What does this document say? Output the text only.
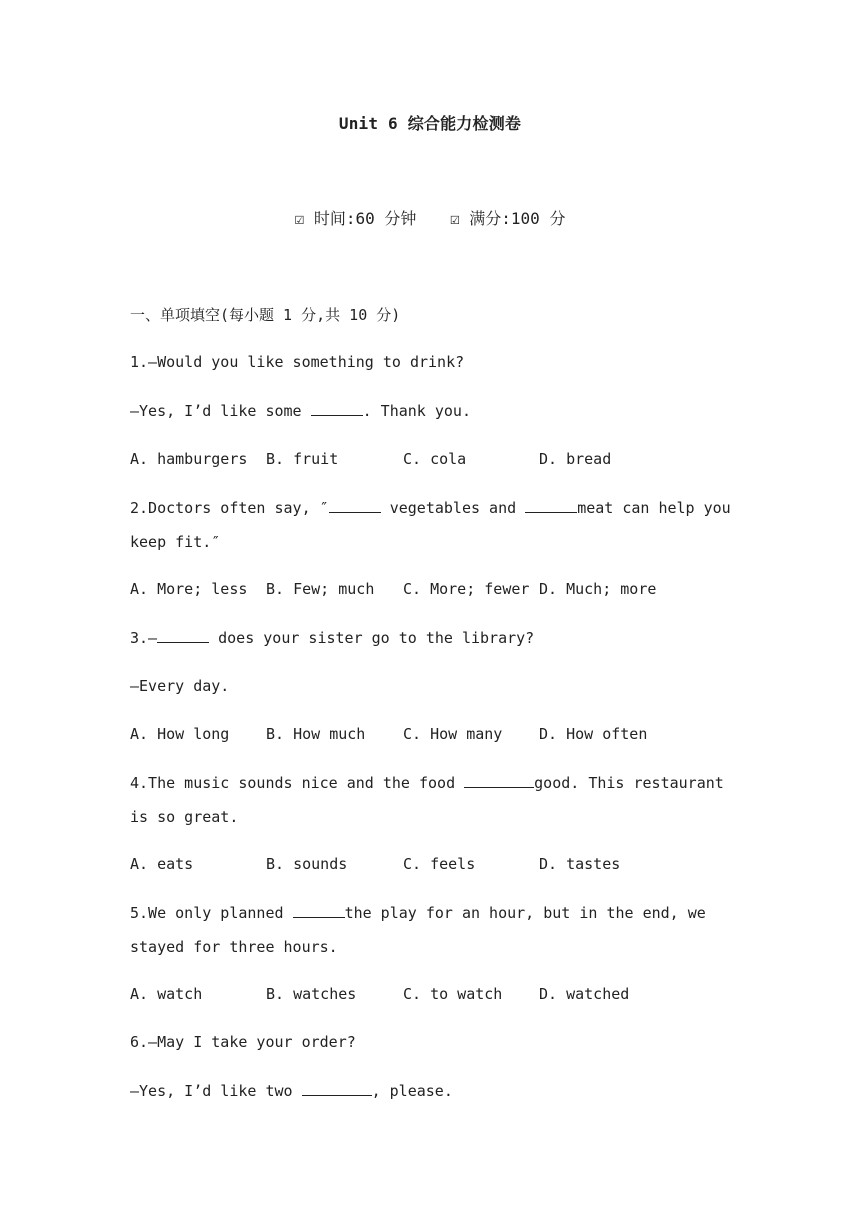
Unit 6 综合能力检测卷
☑ 时间:60 分钟 ☑ 满分:100 分
一、单项填空(每小题 1 分,共 10 分)
1.—Would you like something to drink?
—Yes, I’d like some	. Thank you.
A. hamburgers	B. fruit	C. cola	D. bread
2.Doctors often say, ″	vegetables and	meat can help you keep fit.″
A. More; less	B. Few; much	C. More; fewer D. Much; more
3.—	does your sister go to the library?
—Every day.
A. How long	B. How much	C. How many	D. How often
4.The music sounds nice and the food	good. This restaurant is so great.
A. eats	B. sounds	C. feels	D. tastes
5.We only planned	the play for an hour, but in the end, we stayed for three hours.
A. watch	B. watches	C. to watch	D. watched
6.—May I take your order?
—Yes, I’d like two	, please.
